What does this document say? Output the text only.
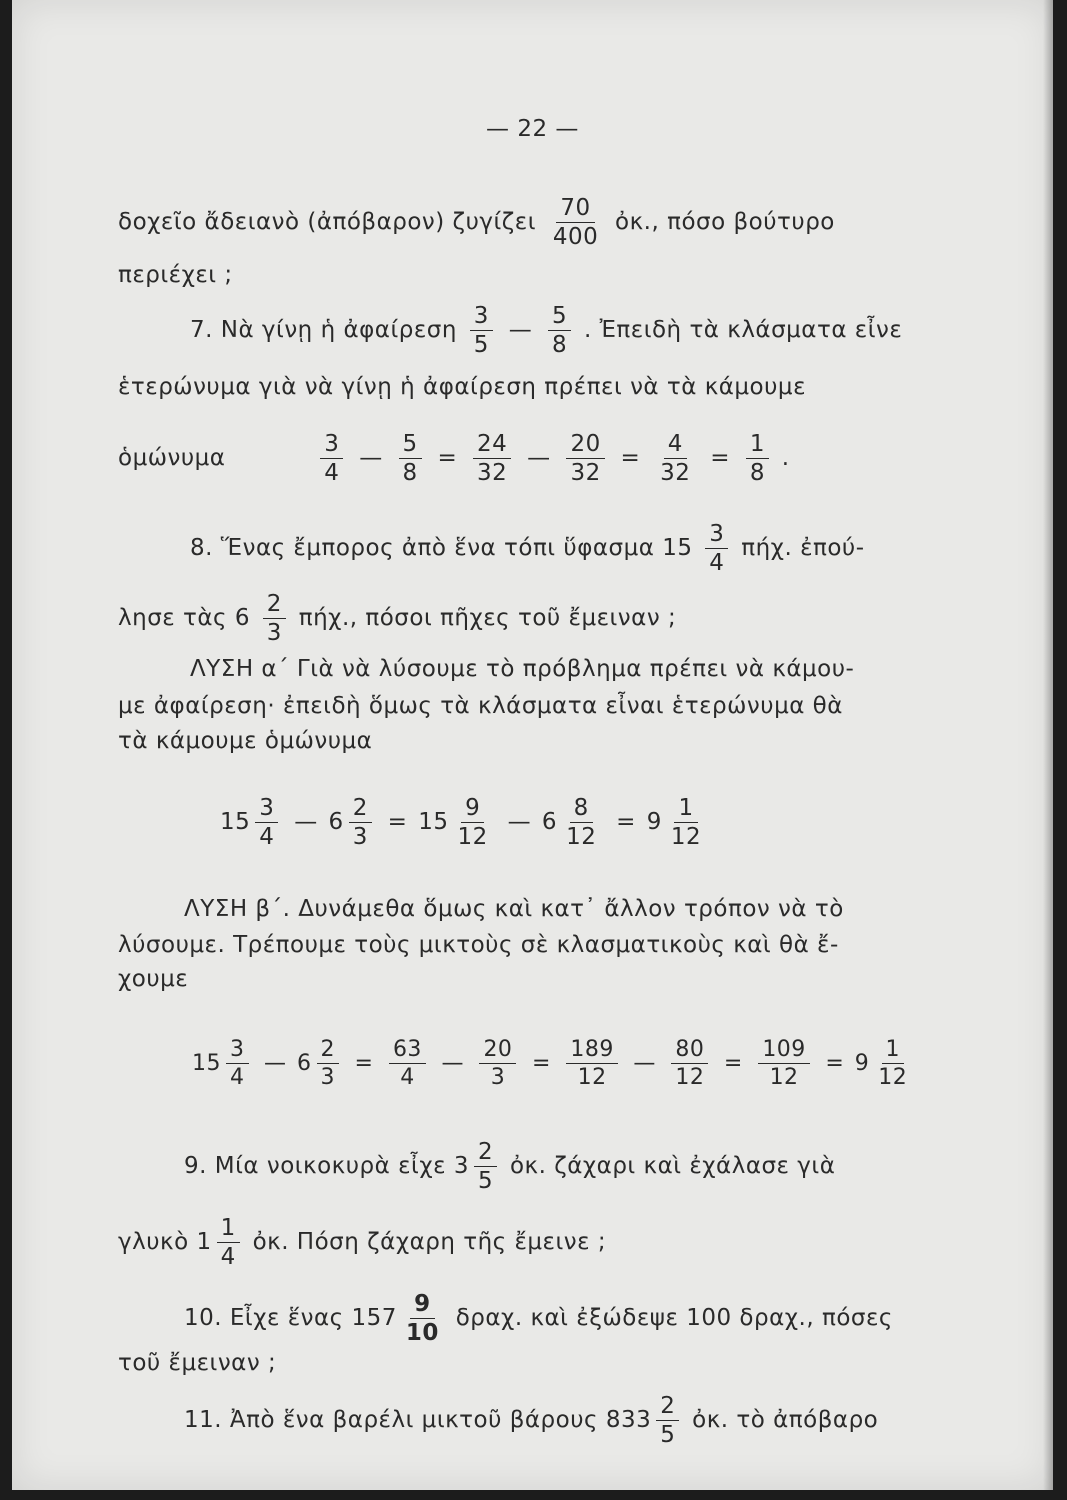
— 22 —
δοχεῖο ἄδειανὸ (ἀπόβαρον) ζυγίζει $\frac{70}{400}$ ὀκ., πόσο βούτυρο
περιέχει ;
7. Νὰ γίνῃ ἡ ἀφαίρεση $\frac{3}{5}$ — $\frac{5}{8}$ . Ἐπειδὴ τὰ κλάσματα εἶνε
ἑτερώνυμα γιὰ νὰ γίνῃ ἡ ἀφαίρεση πρέπει νὰ τὰ κάμουμε
ὁμώνυμα	$\frac{3}{4}$ — $\frac{5}{8} = \frac{24}{32}$ — $\frac{20}{32} = \frac{4}{32} = \frac{1}{8}$ .
8. Ἕνας ἔμπορος ἀπὸ ἕνα τόπι ὕφασμα $15 \frac{3}{4} \pi ή\chi$. ἐπού-
λησε τὰς $6 \frac{2}{3} \pi ή\chi$., πόσοι πῆχες τοῦ ἔμειναν ;
ΛΥΣΗ α΄ Γιὰ νὰ λύσουμε τὸ πρόβλημα πρέπει νὰ κάμου-
με ἀφαίρεση· ἐπειδὴ ὅμως τὰ κλάσματα εἶναι ἑτερώνυμα θὰ
τὰ κάμουμε ὁμώνυμα
$15 \frac{3}{4}$ — $6 \frac{2}{3} = 15 \frac{9}{12}$ — $6 \frac{8}{12} = 9 \frac{1}{12}$
ΛΥΣΗ β΄. Δυνάμεθα ὅμως καὶ κατ᾽ ἄλλον τρόπον νὰ τὸ
λύσουμε. Τρέπουμε τοὺς μικτοὺς σὲ κλασματικοὺς καὶ θὰ ἔ-
χουμε
$15 \frac{3}{4}$ — $6 \frac{2}{3} = \frac{63}{4}$ — $\frac{20}{3} = \frac{189}{12}$ — $\frac{80}{12} = \frac{109}{12} = 9 \frac{1}{12}$
9. Μία νοικοκυρὰ εἶχε $3 \frac{2}{5}$ ὀκ. ζάχαρι καὶ ἐχάλασε γιὰ
γλυκὸ $1 \frac{1}{4}$ ὀκ. Πόση ζάχαρη τῆς ἔμεινε ;
10. Εἶχε ἕνας $157 \frac{9}{10} \delta\rho\alpha\chi$. καὶ ἐξώδεψε 100 δραχ., πόσες
τοῦ ἔμειναν ;
11. Ἀπὸ ἕνα βαρέλι μικτοῦ βάρους $833 \frac{2}{5}$ ὀκ. τὸ ἀπόβαρο
